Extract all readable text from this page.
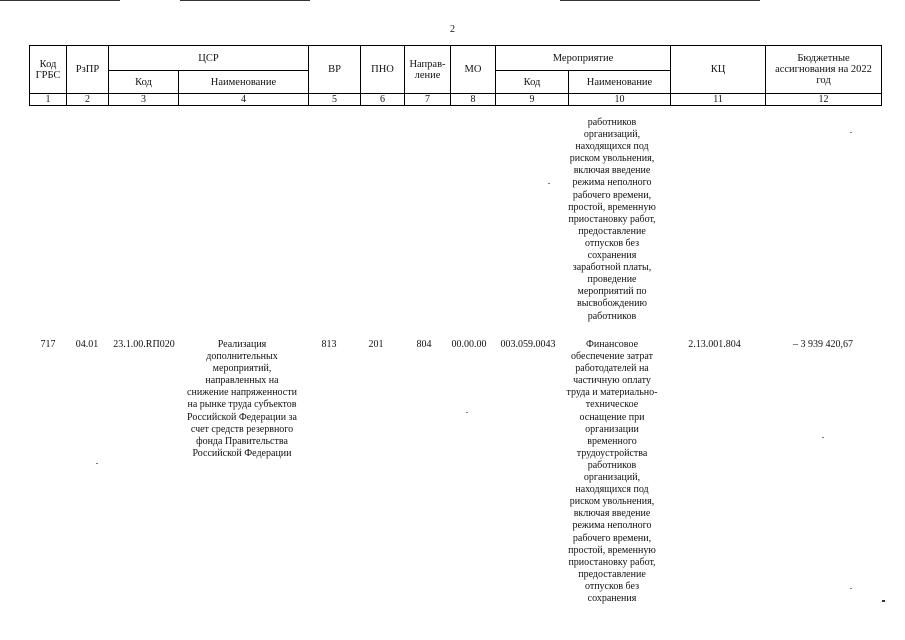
2
Код ГРБС	РзПР	ЦСР		ВР	ПНО	Направ-ление	МО	Мероприятие		КЦ	Бюджетные ассигнования на 2022 год
		Код	Наименование					Код	Наименование		
1	2	3	4	5	6	7	8	9	10	11	12
работников
организаций,
находящихся под
риском увольнения,
включая введение
режима неполного
рабочего времени,
простой, временную
приостановку работ,
предоставление
отпусков без
сохранения
заработной платы,
проведение
мероприятий по
высвобождению
работников
717	04.01	23.1.00.RП020	Реализация
дополнительных
мероприятий,
направленных на
снижение напряженности
на рынке труда субъектов
Российской Федерации за
счет средств резервного
фонда Правительства
Российской Федерации
813	201	804	00.00.00	003.059.0043	Финансовое
обеспечение затрат
работодателей на
частичную оплату
труда и материально-
техническое
оснащение при
организации
временного
трудоустройства
работников
организаций,
находящихся под
риском увольнения,
включая введение
режима неполного
рабочего времени,
простой, временную
приостановку работ,
предоставление
отпусков без
сохранения
2.13.001.804	– 3 939 420,67
